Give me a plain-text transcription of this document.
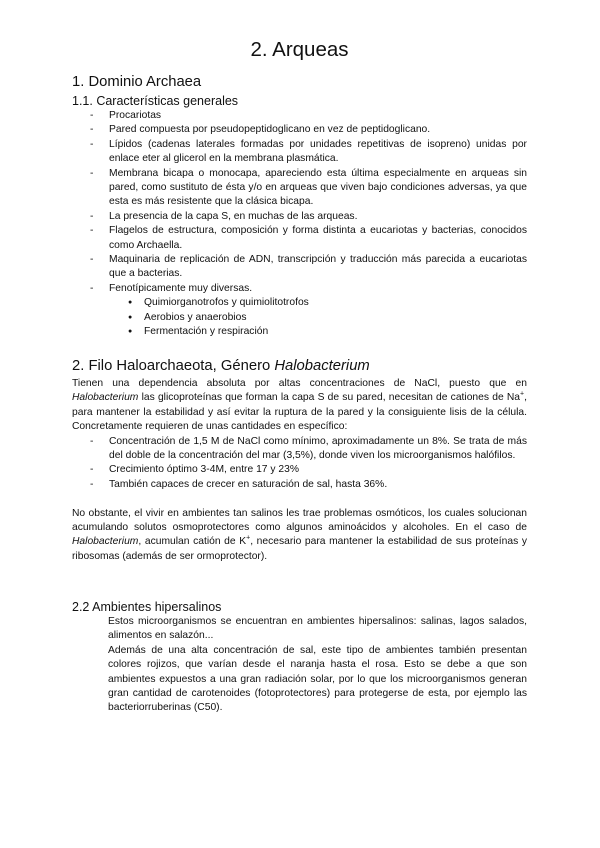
2. Arqueas
1. Dominio Archaea
1.1. Características generales
- Procariotas
- Pared compuesta por pseudopeptidoglicano en vez de peptidoglicano.
- Lípidos (cadenas laterales formadas por unidades repetitivas de isopreno) unidas por enlace eter al glicerol en la membrana plasmática.
- Membrana bicapa o monocapa, apareciendo esta última especialmente en arqueas sin pared, como sustituto de ésta y/o en arqueas que viven bajo condiciones adversas, ya que esta es más resistente que la clásica bicapa.
- La presencia de la capa S, en muchas de las arqueas.
- Flagelos de estructura, composición y forma distinta a eucariotas y bacterias, conocidos como Archaella.
- Maquinaria de replicación de ADN, transcripción y traducción más parecida a eucariotas que a bacterias.
- Fenotípicamente muy diversas.
● Quimiorganotrofos y quimiolitotrofos
● Aerobios y anaerobios
● Fermentación y respiración
2. Filo Haloarchaeota, Género Halobacterium

Tienen una dependencia absoluta por altas concentraciones de NaCl, puesto que en Halobacterium las glicoproteínas que forman la capa S de su pared, necesitan de cationes de Na+, para mantener la estabilidad y así evitar la ruptura de la pared y la consiguiente lisis de la célula. Concretamente requieren de unas cantidades en específico:

- Concentración de 1,5 M de NaCl como mínimo, aproximadamente un 8%. Se trata de más del doble de la concentración del mar (3,5%), donde viven los microorganismos halófilos.
- Crecimiento óptimo 3-4M, entre 17 y 23%
- También capaces de crecer en saturación de sal, hasta 36%.

No obstante, el vivir en ambientes tan salinos les trae problemas osmóticos, los cuales solucionan acumulando solutos osmoprotectores como algunos aminoácidos y alcoholes. En el caso de Halobacterium, acumulan catión de K+, necesario para mantener la estabilidad de sus proteínas y ribosomas (además de ser ormoprotector).

2.2 Ambientes hipersalinos

Estos microorganismos se encuentran en ambientes hipersalinos: salinas, lagos salados, alimentos en salazón...

Además de una alta concentración de sal, este tipo de ambientes también presentan colores rojizos, que varían desde el naranja hasta el rosa. Esto se debe a que son ambientes expuestos a una gran radiación solar, por lo que los microorganismos generan gran cantidad de carotenoides (fotoprotectores) para protegerse de esta, por ejemplo las bacteriorruberinas (C50).
